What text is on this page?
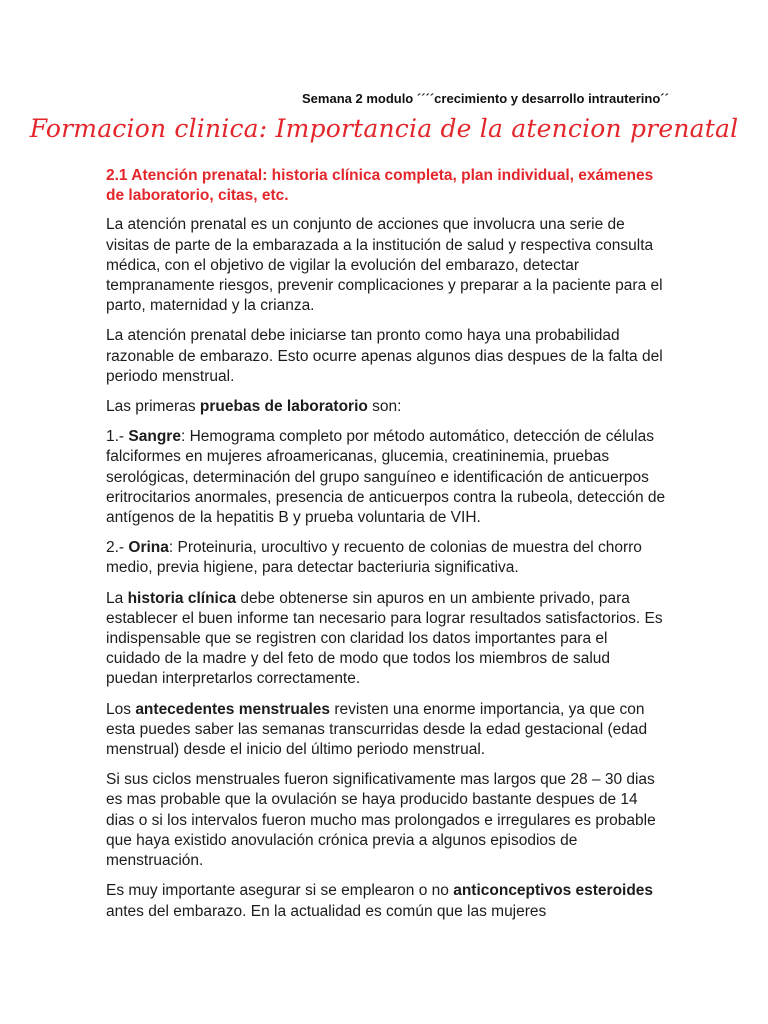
Semana 2 modulo ´´´´crecimiento y desarrollo intrauterino´´
Formacion clinica: Importancia de la atencion prenatal

2.1 Atención prenatal: historia clínica completa, plan individual, exámenes de laboratorio, citas, etc.

La atención prenatal es un conjunto de acciones que involucra una serie de visitas de parte de la embarazada a la institución de salud y respectiva consulta médica, con el objetivo de vigilar la evolución del embarazo, detectar tempranamente riesgos, prevenir complicaciones y preparar a la paciente para el parto, maternidad y la crianza.

La atención prenatal debe iniciarse tan pronto como haya una probabilidad razonable de embarazo. Esto ocurre apenas algunos dias despues de la falta del periodo menstrual.

Las primeras pruebas de laboratorio son:

1.- Sangre: Hemograma completo por método automático, detección de células falciformes en mujeres afroamericanas, glucemia, creatininemia, pruebas serológicas, determinación del grupo sanguíneo e identificación de anticuerpos eritrocitarios anormales, presencia de anticuerpos contra la rubeola, detección de antígenos de la hepatitis B y prueba voluntaria de VIH.

2.- Orina: Proteinuria, urocultivo y recuento de colonias de muestra del chorro medio, previa higiene, para detectar bacteriuria significativa.

La historia clínica debe obtenerse sin apuros en un ambiente privado, para establecer el buen informe tan necesario para lograr resultados satisfactorios. Es indispensable que se registren con claridad los datos importantes para el cuidado de la madre y del feto de modo que todos los miembros de salud puedan interpretarlos correctamente.

Los antecedentes menstruales revisten una enorme importancia, ya que con esta puedes saber las semanas transcurridas desde la edad gestacional (edad menstrual) desde el inicio del último periodo menstrual.

Si sus ciclos menstruales fueron significativamente mas largos que 28 – 30 dias es mas probable que la ovulación se haya producido bastante despues de 14 dias o si los intervalos fueron mucho mas prolongados e irregulares es probable que haya existido anovulación crónica previa a algunos episodios de menstruación.

Es muy importante asegurar si se emplearon o no anticonceptivos esteroides antes del embarazo. En la actualidad es común que las mujeres
